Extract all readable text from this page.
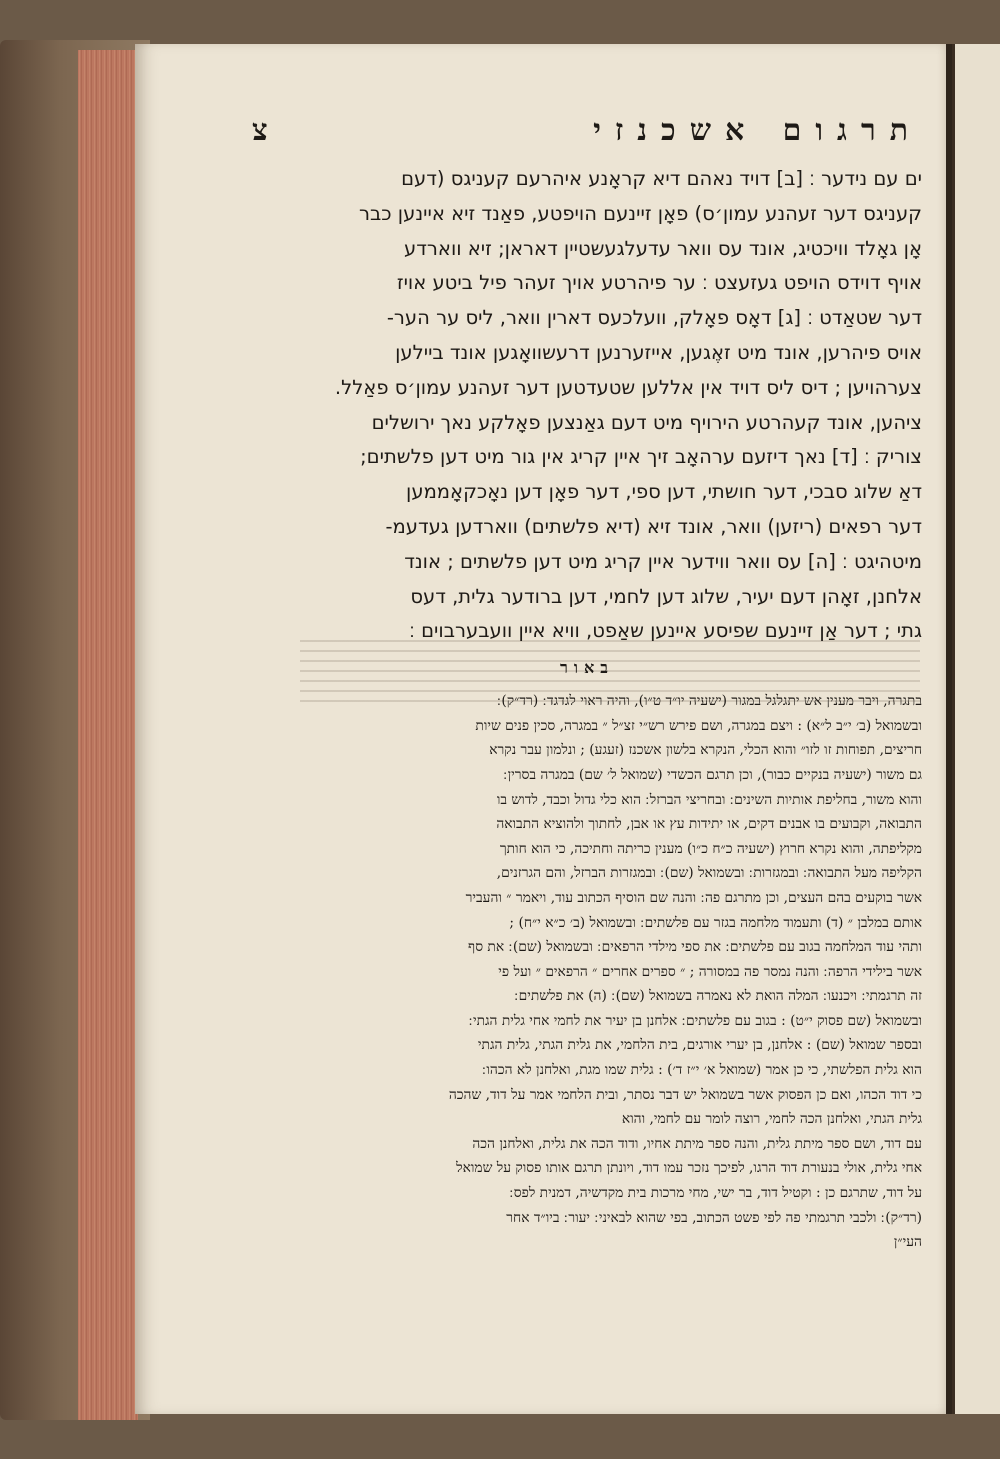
תרגום אשכנזי
צ
ים עם נידער ׃ [ב] דויד נאהם דיא קראָנע איהרעם קעניגס (דעם
קעניגס דער זעהנע עמון׳ס) פאָן זיינעם הויפטע, פאַנד זיא איינען כבר
אָן גאָלד וויכטיג, אונד עס וואר עדעלגעשטיין דאראן; זיא ווארדע
אויף דוידס הויפט געזעצט ׃ ער פיהרטע אויך זעהר פיל ביטע אויז
דער שטאַדט ׃ [ג] דאָס פאָלק, וועלכעס דארין וואר, ליס ער הער-
אויס פיהרען, אונד מיט זאֶגען, אייזערנען דרעשוואָגען אונד ביילען
צערהויען ; דיס ליס דויד אין אללען שטעדטען דער זעהנע עמון׳ס פאַלל.
ציהען, אונד קעהרטע הירויף מיט דעם גאַנצען פאָלקע נאך ירושלים
צוריק ׃ [ד] נאך דיזעם ערהאָב זיך איין קריג אין גור מיט דען פלשתים;
דאַ שלוג סבכי, דער חושתי, דען ספי, דער פאָן דען נאָכקאָממען
דער רפאים (ריזען) וואר, אונד זיא (דיא פלשתים) ווארדען געדעמ-
מיטהיגט ׃ [ה] עס וואר ווידער איין קריג מיט דען פלשתים ; אונד
אלחנן, זאָהן דעם יעיר, שלוג דען לחמי, דען ברודער גלית, דעס
גתי ; דער אַן זיינעם שפיסע איינען שאַפט, וויא איין וועבערבוים ׃
באור
בתגרה, ויבר מענין אש יתגלגל במגור (ישעיה יו״ד ט״ו), והיה ראוי לגדגד ׃ (רד״ק) ׃
ובשמואל (ב׳ י״ב ל״א) : ויצם במגרה, ושם פירש רש״י זצ״ל ״ במגרה, סכין פנים שיות
חריצים, תפוחות זו לזו״ והוא הכלי, הנקרא בלשון אשכנז (זעגע) ; ונלמון עבר נקרא
גם משור (ישעיה בנקיים כבור), וכן תרגם הכשדי (שמואל ל׳ שם) במגרה בסרין ׃
והוא משור, בחליפת אותיות השינים ׃ ובחריצי הברזל ׃ הוא כלי גדול וכבד, לדוש בו
התבואה, וקבועים בו אבנים דקים, או יתידות עץ או אבן, לחתוך ולהוציא התבואה
מקליפתה, והוא נקרא חרוץ (ישעיה כ״ח כ״ו) מענין כריתה וחתיכה, כי הוא חותך
הקליפה מעל התבואה ׃ ובמגזרות ׃ ובשמואל (שם) ׃ ובמגזרות הברזל, והם הגרזנים,
אשר בוקעים בהם העצים, וכן מתרגם פה ׃ והנה שם הוסיף הכתוב עוד, ויאמר ״ והעביר
אותם במלבן ״ (ד) ותעמוד מלחמה בגזר עם פלשתים ׃ ובשמואל (ב׳ כ״א י״ח) ;
ותהי עוד המלחמה בגוב עם פלשתים ׃ את ספי מילדי הרפאים ׃ ובשמואל (שם) ׃ את סף
אשר בילידי הרפה ׃ והנה נמסר פה במסורה ; ״ ספרים אחרים ״ הרפאים ״ ועל פי
זה תרגמתי ׃ ויכנעו ׃ המלה הואת לא נאמרה בשמואל (שם) ׃ (ה) את פלשתים ׃
ובשמואל (שם פסוק י״ט) : בגוב עם פלשתים ׃ אלחנן בן יעיר את לחמי אחי גלית הגתי ׃
ובספר שמואל (שם) : אלחנן, בן יערי אורגים, בית הלחמי, את גלית הגתי, גלית הגתי
הוא גלית הפלשתי, כי כן אמר (שמואל א׳ י״ז ד׳) : גלית שמו מגת, ואלחנן לא הכהו ׃
כי דוד הכהו, ואם כן הפסוק אשר בשמואל יש דבר נסתר, ובית הלחמי אמר על דוד, שהכה
גלית הגתי, ואלחנן הכה לחמי, רוצה לומר עם לחמי, והוא
עם דוד, ושם ספר מיתת גלית, והנה ספר מיתת אחיו, ודוד הכה את גלית, ואלחנן הכה
אחי גלית, אולי בנעורת דוד הרגו, לפיכך נזכר עמו דוד, ויונתן תרגם אותו פסוק על שמואל
על דוד, שתרגם כן : וקטיל דוד, בר ישי, מחי מרכות בית מקדשיה, דמנית לפס ׃
(רד״ק) ׃ ולכבי תרגמתי פה לפי פשט הכתוב, בפי שהוא לבאיני ׃ יעור ׃ ביו״ד אחר
העי״ן
